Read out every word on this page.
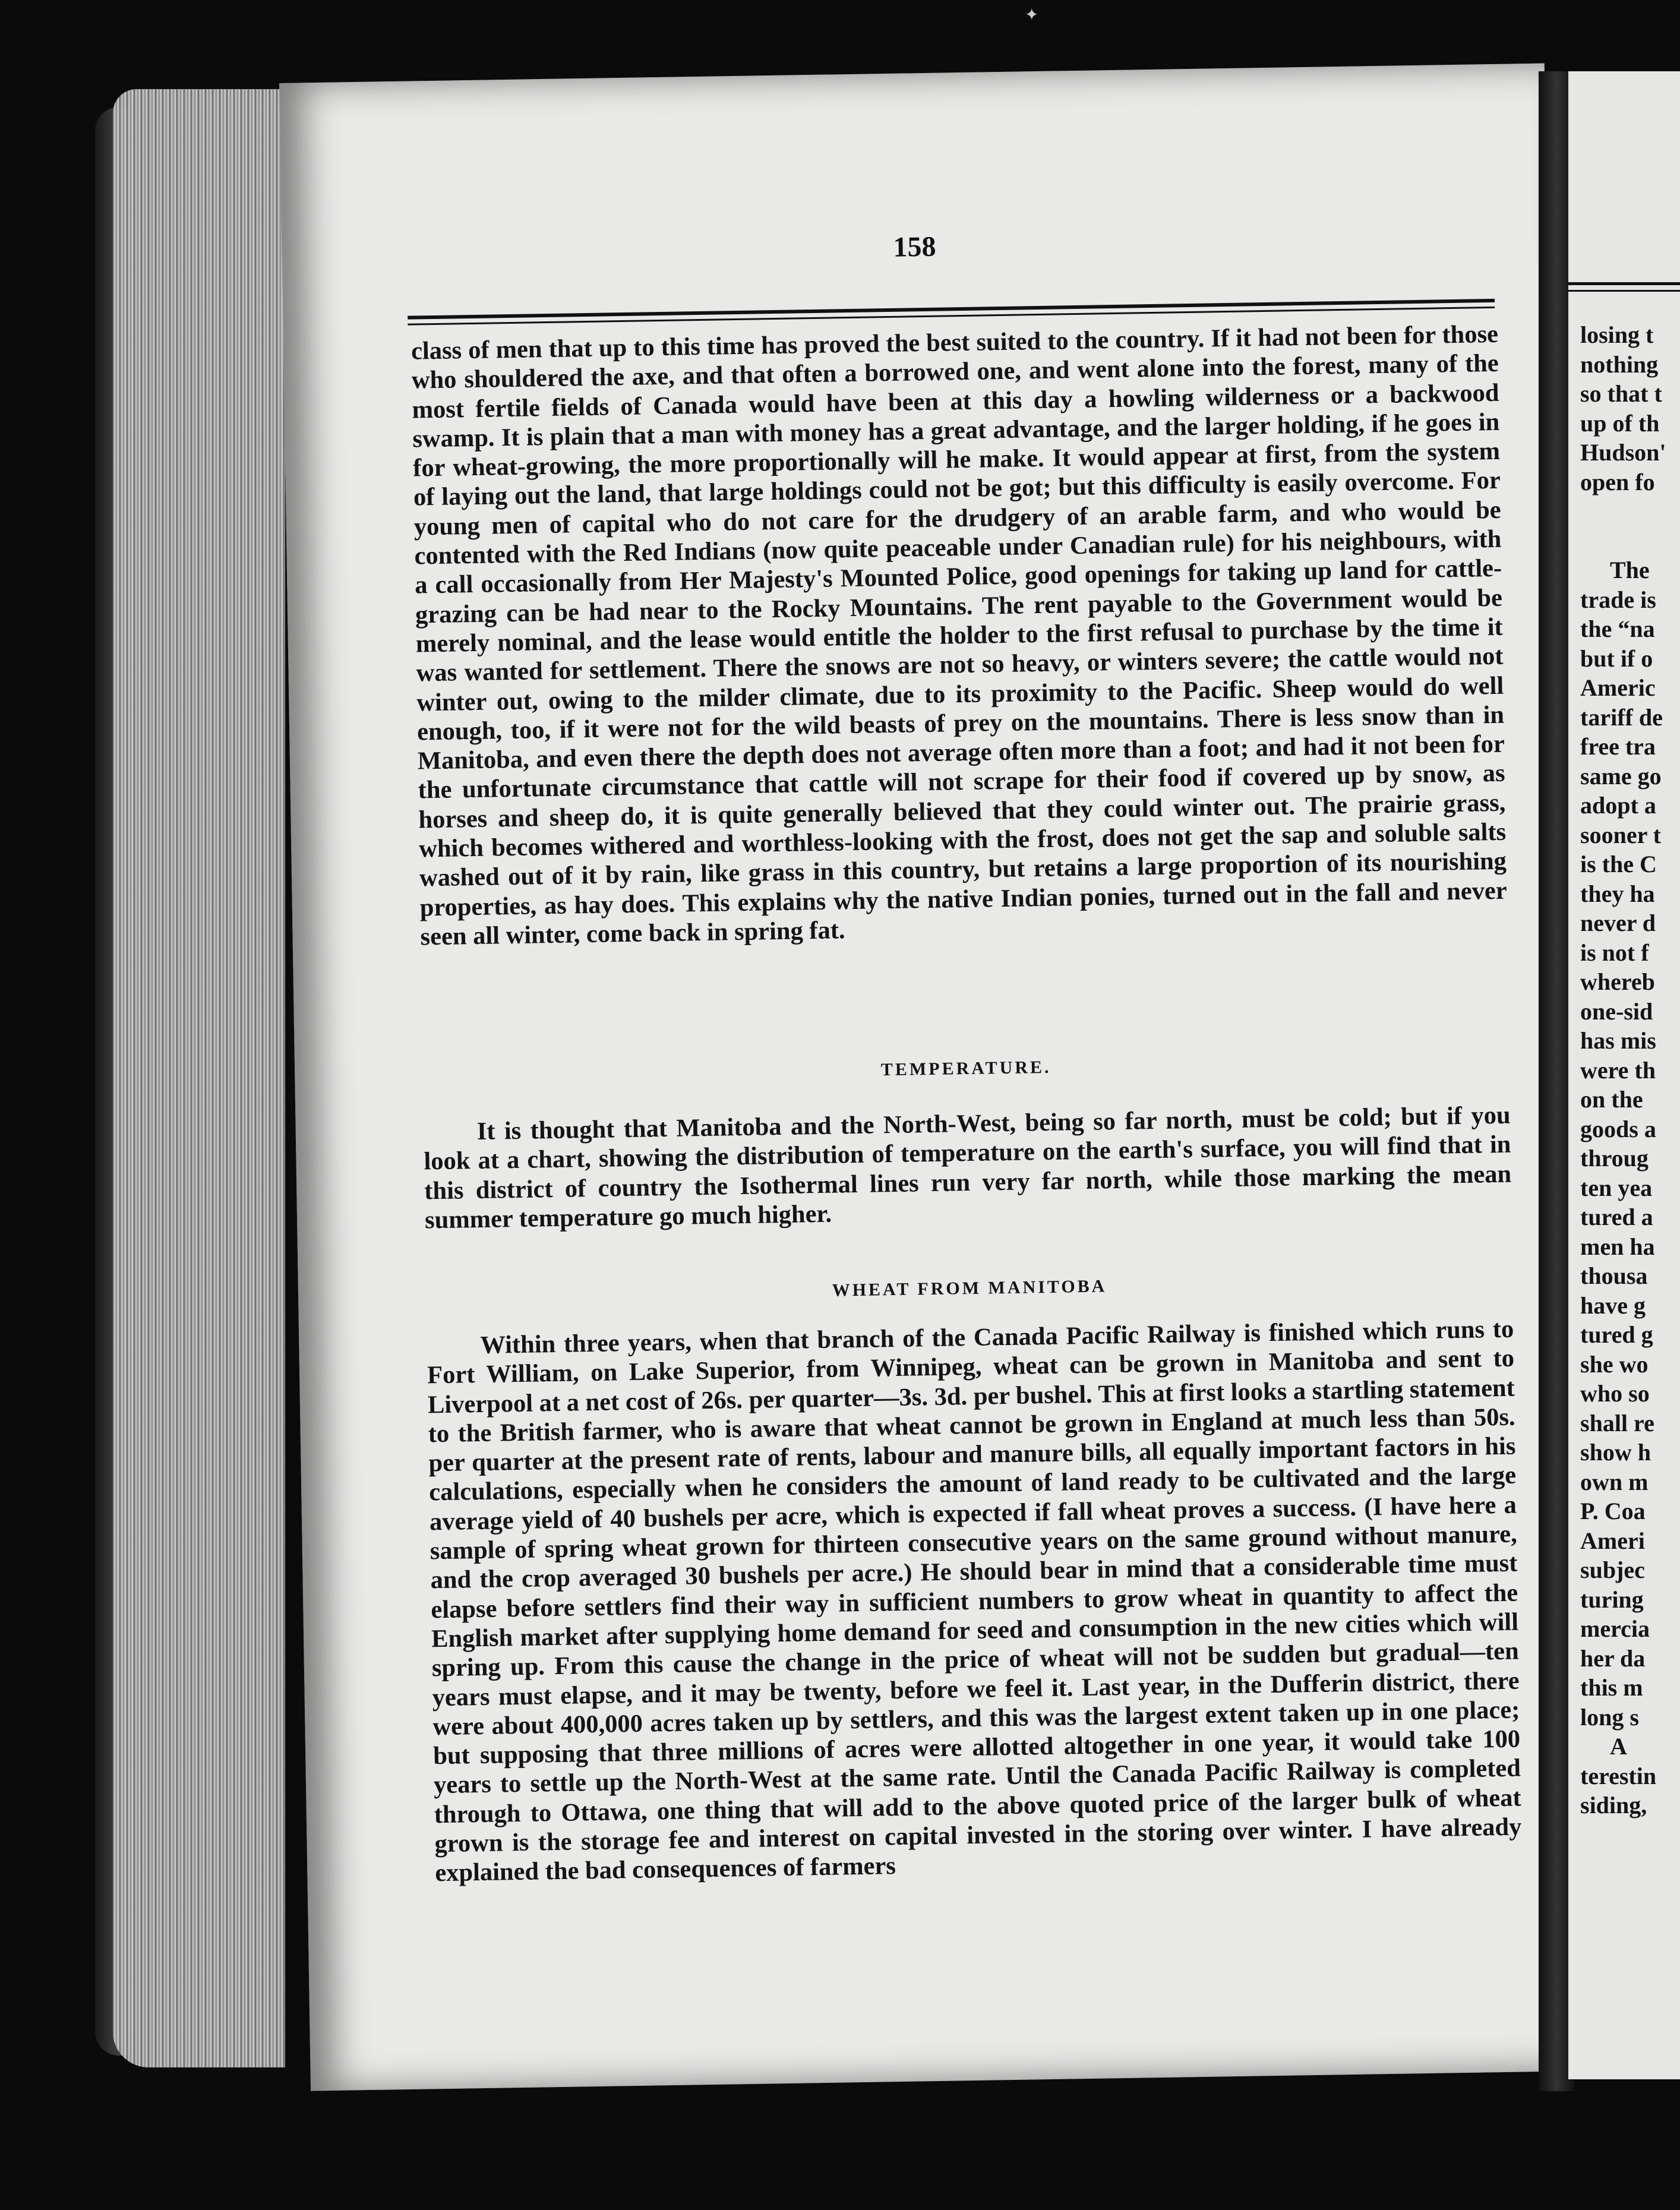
✦
158
class of men that up to this time has proved the best suited to the country. If it had not been for those who shouldered the axe, and that often a borrowed one, and went alone into the forest, many of the most fertile fields of Canada would have been at this day a howling wilderness or a backwood swamp. It is plain that a man with money has a great advantage, and the larger holding, if he goes in for wheat-growing, the more proportionally will he make. It would appear at first, from the system of laying out the land, that large holdings could not be got; but this difficulty is easily overcome. For young men of capital who do not care for the drudgery of an arable farm, and who would be contented with the Red Indians (now quite peaceable under Canadian rule) for his neighbours, with a call occasionally from Her Majesty's Mounted Police, good openings for taking up land for cattle-grazing can be had near to the Rocky Mountains. The rent payable to the Government would be merely nominal, and the lease would entitle the holder to the first refusal to purchase by the time it was wanted for settlement. There the snows are not so heavy, or winters severe; the cattle would not winter out, owing to the milder climate, due to its proximity to the Pacific. Sheep would do well enough, too, if it were not for the wild beasts of prey on the mountains. There is less snow than in Manitoba, and even there the depth does not average often more than a foot; and had it not been for the unfortunate circumstance that cattle will not scrape for their food if covered up by snow, as horses and sheep do, it is quite generally believed that they could winter out. The prairie grass, which becomes withered and worthless-looking with the frost, does not get the sap and soluble salts washed out of it by rain, like grass in this country, but retains a large proportion of its nourishing properties, as hay does. This explains why the native Indian ponies, turned out in the fall and never seen all winter, come back in spring fat.
TEMPERATURE.
It is thought that Manitoba and the North-West, being so far north, must be cold; but if you look at a chart, showing the distribution of temperature on the earth's surface, you will find that in this district of country the Isothermal lines run very far north, while those marking the mean summer temperature go much higher.
WHEAT FROM MANITOBA
Within three years, when that branch of the Canada Pacific Railway is finished which runs to Fort William, on Lake Superior, from Winnipeg, wheat can be grown in Manitoba and sent to Liverpool at a net cost of 26s. per quarter—3s. 3d. per bushel. This at first looks a startling statement to the British farmer, who is aware that wheat cannot be grown in England at much less than 50s. per quarter at the present rate of rents, labour and manure bills, all equally important factors in his calculations, especially when he considers the amount of land ready to be cultivated and the large average yield of 40 bushels per acre, which is expected if fall wheat proves a success. (I have here a sample of spring wheat grown for thirteen consecutive years on the same ground without manure, and the crop averaged 30 bushels per acre.) He should bear in mind that a considerable time must elapse before settlers find their way in sufficient numbers to grow wheat in quantity to affect the English market after supplying home demand for seed and consumption in the new cities which will spring up. From this cause the change in the price of wheat will not be sudden but gradual—ten years must elapse, and it may be twenty, before we feel it. Last year, in the Dufferin district, there were about 400,000 acres taken up by settlers, and this was the largest extent taken up in one place; but supposing that three millions of acres were allotted altogether in one year, it would take 100 years to settle up the North-West at the same rate. Until the Canada Pacific Railway is completed through to Ottawa, one thing that will add to the above quoted price of the larger bulk of wheat grown is the storage fee and interest on capital invested in the storing over winter. I have already explained the bad consequences of farmers
losing t
nothing
so that t
up of th
Hudson'
open fo
The
trade is
the “na
but if o
Americ
tariff de
free tra
same go
adopt a
sooner t
is the C
they ha
never d
is not f
whereb
one-sid
has mis
were th
on the
goods a
throug
ten yea
tured a
men ha
thousa
have g
tured g
she wo
who so
shall re
show h
own m
P. Coa
Ameri
subjec
turing
mercia
her da
this m
long s
A
terestin
siding,
